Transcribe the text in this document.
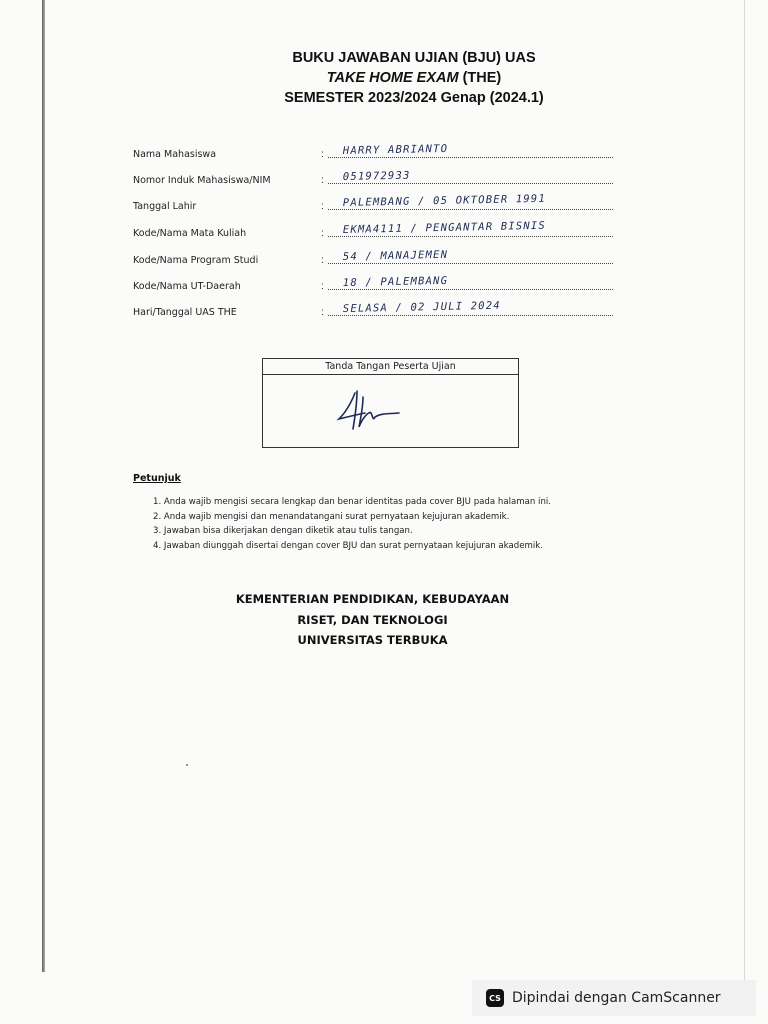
BUKU JAWABAN UJIAN (BJU) UAS
TAKE HOME EXAM (THE)
SEMESTER 2023/2024 Genap (2024.1)
Nama Mahasiswa	: HARRY ABRIANTO
Nomor Induk Mahasiswa/NIM	: 051972933
Tanggal Lahir	: PALEMBANG / 05 OKTOBER 1991
Kode/Nama Mata Kuliah	: EKMA4111 / PENGANTAR BISNIS
Kode/Nama Program Studi	: 54 / MANAJEMEN
Kode/Nama UT-Daerah	: 18 / PALEMBANG
Hari/Tanggal UAS THE	: SELASA / 02 JULI 2024
Tanda Tangan Peserta Ujian
Petunjuk
1. Anda wajib mengisi secara lengkap dan benar identitas pada cover BJU pada halaman ini.
2. Anda wajib mengisi dan menandatangani surat pernyataan kejujuran akademik.
3. Jawaban bisa dikerjakan dengan diketik atau tulis tangan.
4. Jawaban diunggah disertai dengan cover BJU dan surat pernyataan kejujuran akademik.
KEMENTERIAN PENDIDIKAN, KEBUDAYAAN
RISET, DAN TEKNOLOGI
UNIVERSITAS TERBUKA
CS Dipindai dengan CamScanner
